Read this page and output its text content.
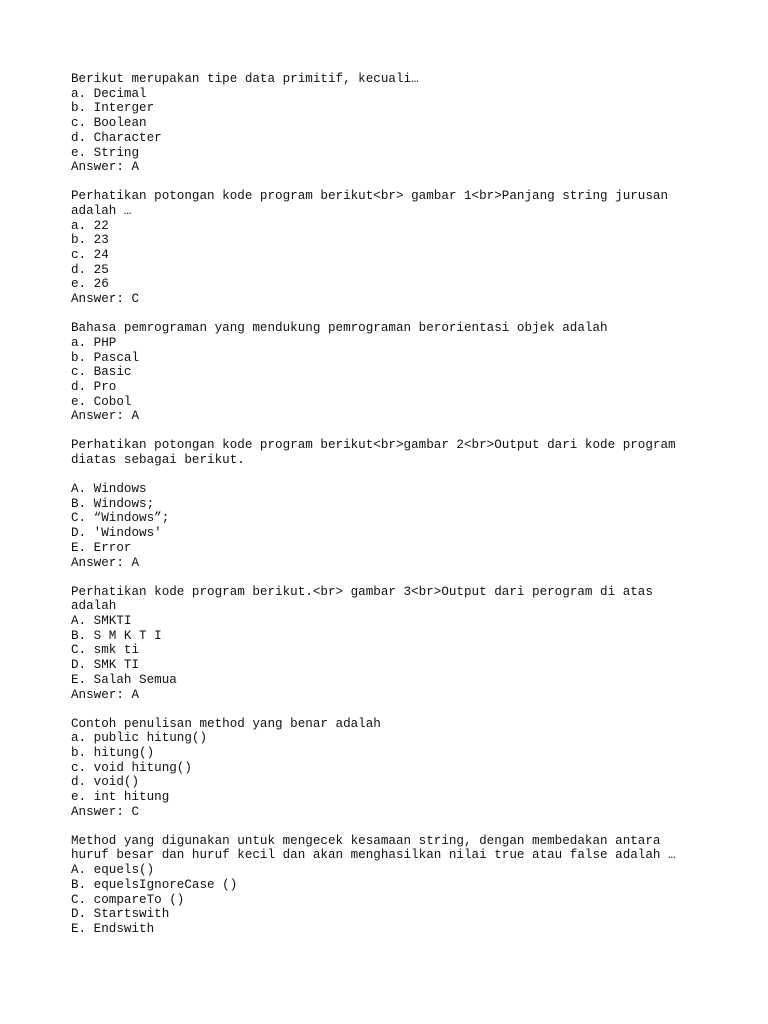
Berikut merupakan tipe data primitif, kecuali…
a. Decimal
b. Interger
c. Boolean
d. Character
e. String
Answer: A
Perhatikan potongan kode program berikut<br> gambar 1<br>Panjang string jurusan
adalah …
a. 22
b. 23
c. 24
d. 25
e. 26
Answer: C
Bahasa pemrograman yang mendukung pemrograman berorientasi objek adalah
a. PHP
b. Pascal
c. Basic
d. Pro
e. Cobol
Answer: A
Perhatikan potongan kode program berikut<br>gambar 2<br>Output dari kode program
diatas sebagai berikut.
A. Windows
B. Windows;
C. “Windows”;
D. 'Windows'
E. Error
Answer: A
Perhatikan kode program berikut.<br> gambar 3<br>Output dari perogram di atas
adalah
A. SMKTI
B. S M K T I
C. smk ti
D. SMK TI
E. Salah Semua
Answer: A
Contoh penulisan method yang benar adalah
a. public hitung()
b. hitung()
c. void hitung()
d. void()
e. int hitung
Answer: C
Method yang digunakan untuk mengecek kesamaan string, dengan membedakan antara
huruf besar dan huruf kecil dan akan menghasilkan nilai true atau false adalah …
A. equels()
B. equelsIgnoreCase ()
C. compareTo ()
D. Startswith
E. Endswith
